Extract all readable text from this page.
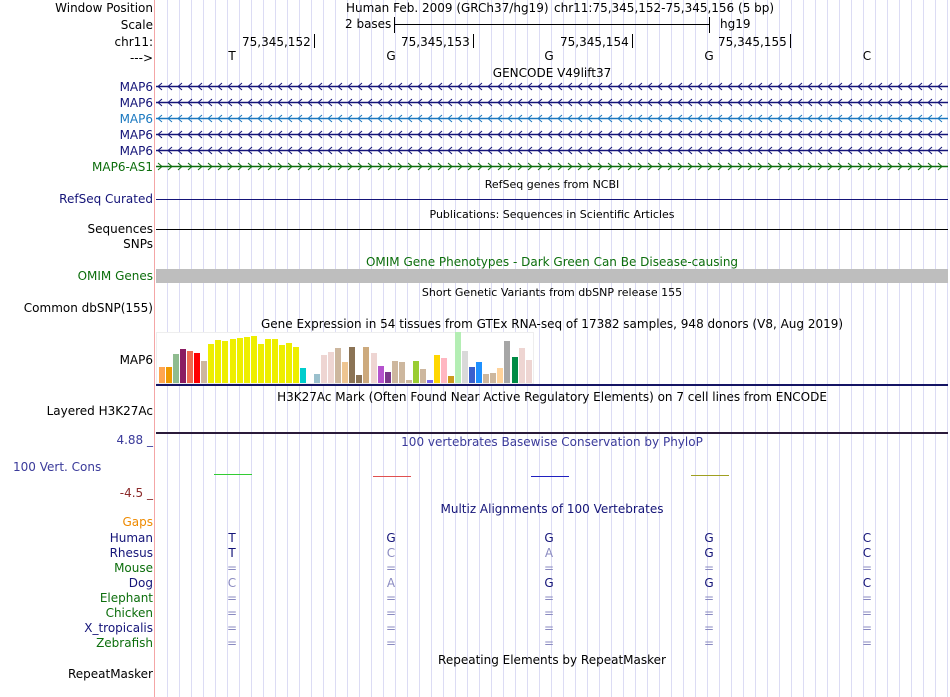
Window Position	Human Feb. 2009 (GRCh37/hg19) chr11:75,345,152-75,345,156 (5 bp)
Scale	2 bases	hg19
chr11:
--->
75,345,152	75,345,153	75,345,154	75,345,155
T	G	G	G	C
GENCODE V49lift37
MAP6
MAP6
MAP6
MAP6
MAP6
MAP6-AS1
RefSeq genes from NCBI
RefSeq Curated
Publications: Sequences in Scientific Articles
Sequences
SNPs
OMIM Gene Phenotypes - Dark Green Can Be Disease-causing
OMIM Genes
Short Genetic Variants from dbSNP release 155
Common dbSNP(155)
Gene Expression in 54 tissues from GTEx RNA-seq of 17382 samples, 948 donors (V8, Aug 2019)
MAP6
H3K27Ac Mark (Often Found Near Active Regulatory Elements) on 7 cell lines from ENCODE
Layered H3K27Ac
100 vertebrates Basewise Conservation by PhyloP
4.88 _
100 Vert. Cons
-4.5 _
Multiz Alignments of 100 Vertebrates
Gaps
Human	T	G	G	G	C
Rhesus	T	C	A	G	C
Mouse	=	=	=	=	=
Dog	C	A	G	G	C
Elephant	=	=	=	=	=
Chicken	=	=	=	=	=
X_tropicalis	=	=	=	=	=
Zebrafish	=	=	=	=	=
Repeating Elements by RepeatMasker
RepeatMasker
